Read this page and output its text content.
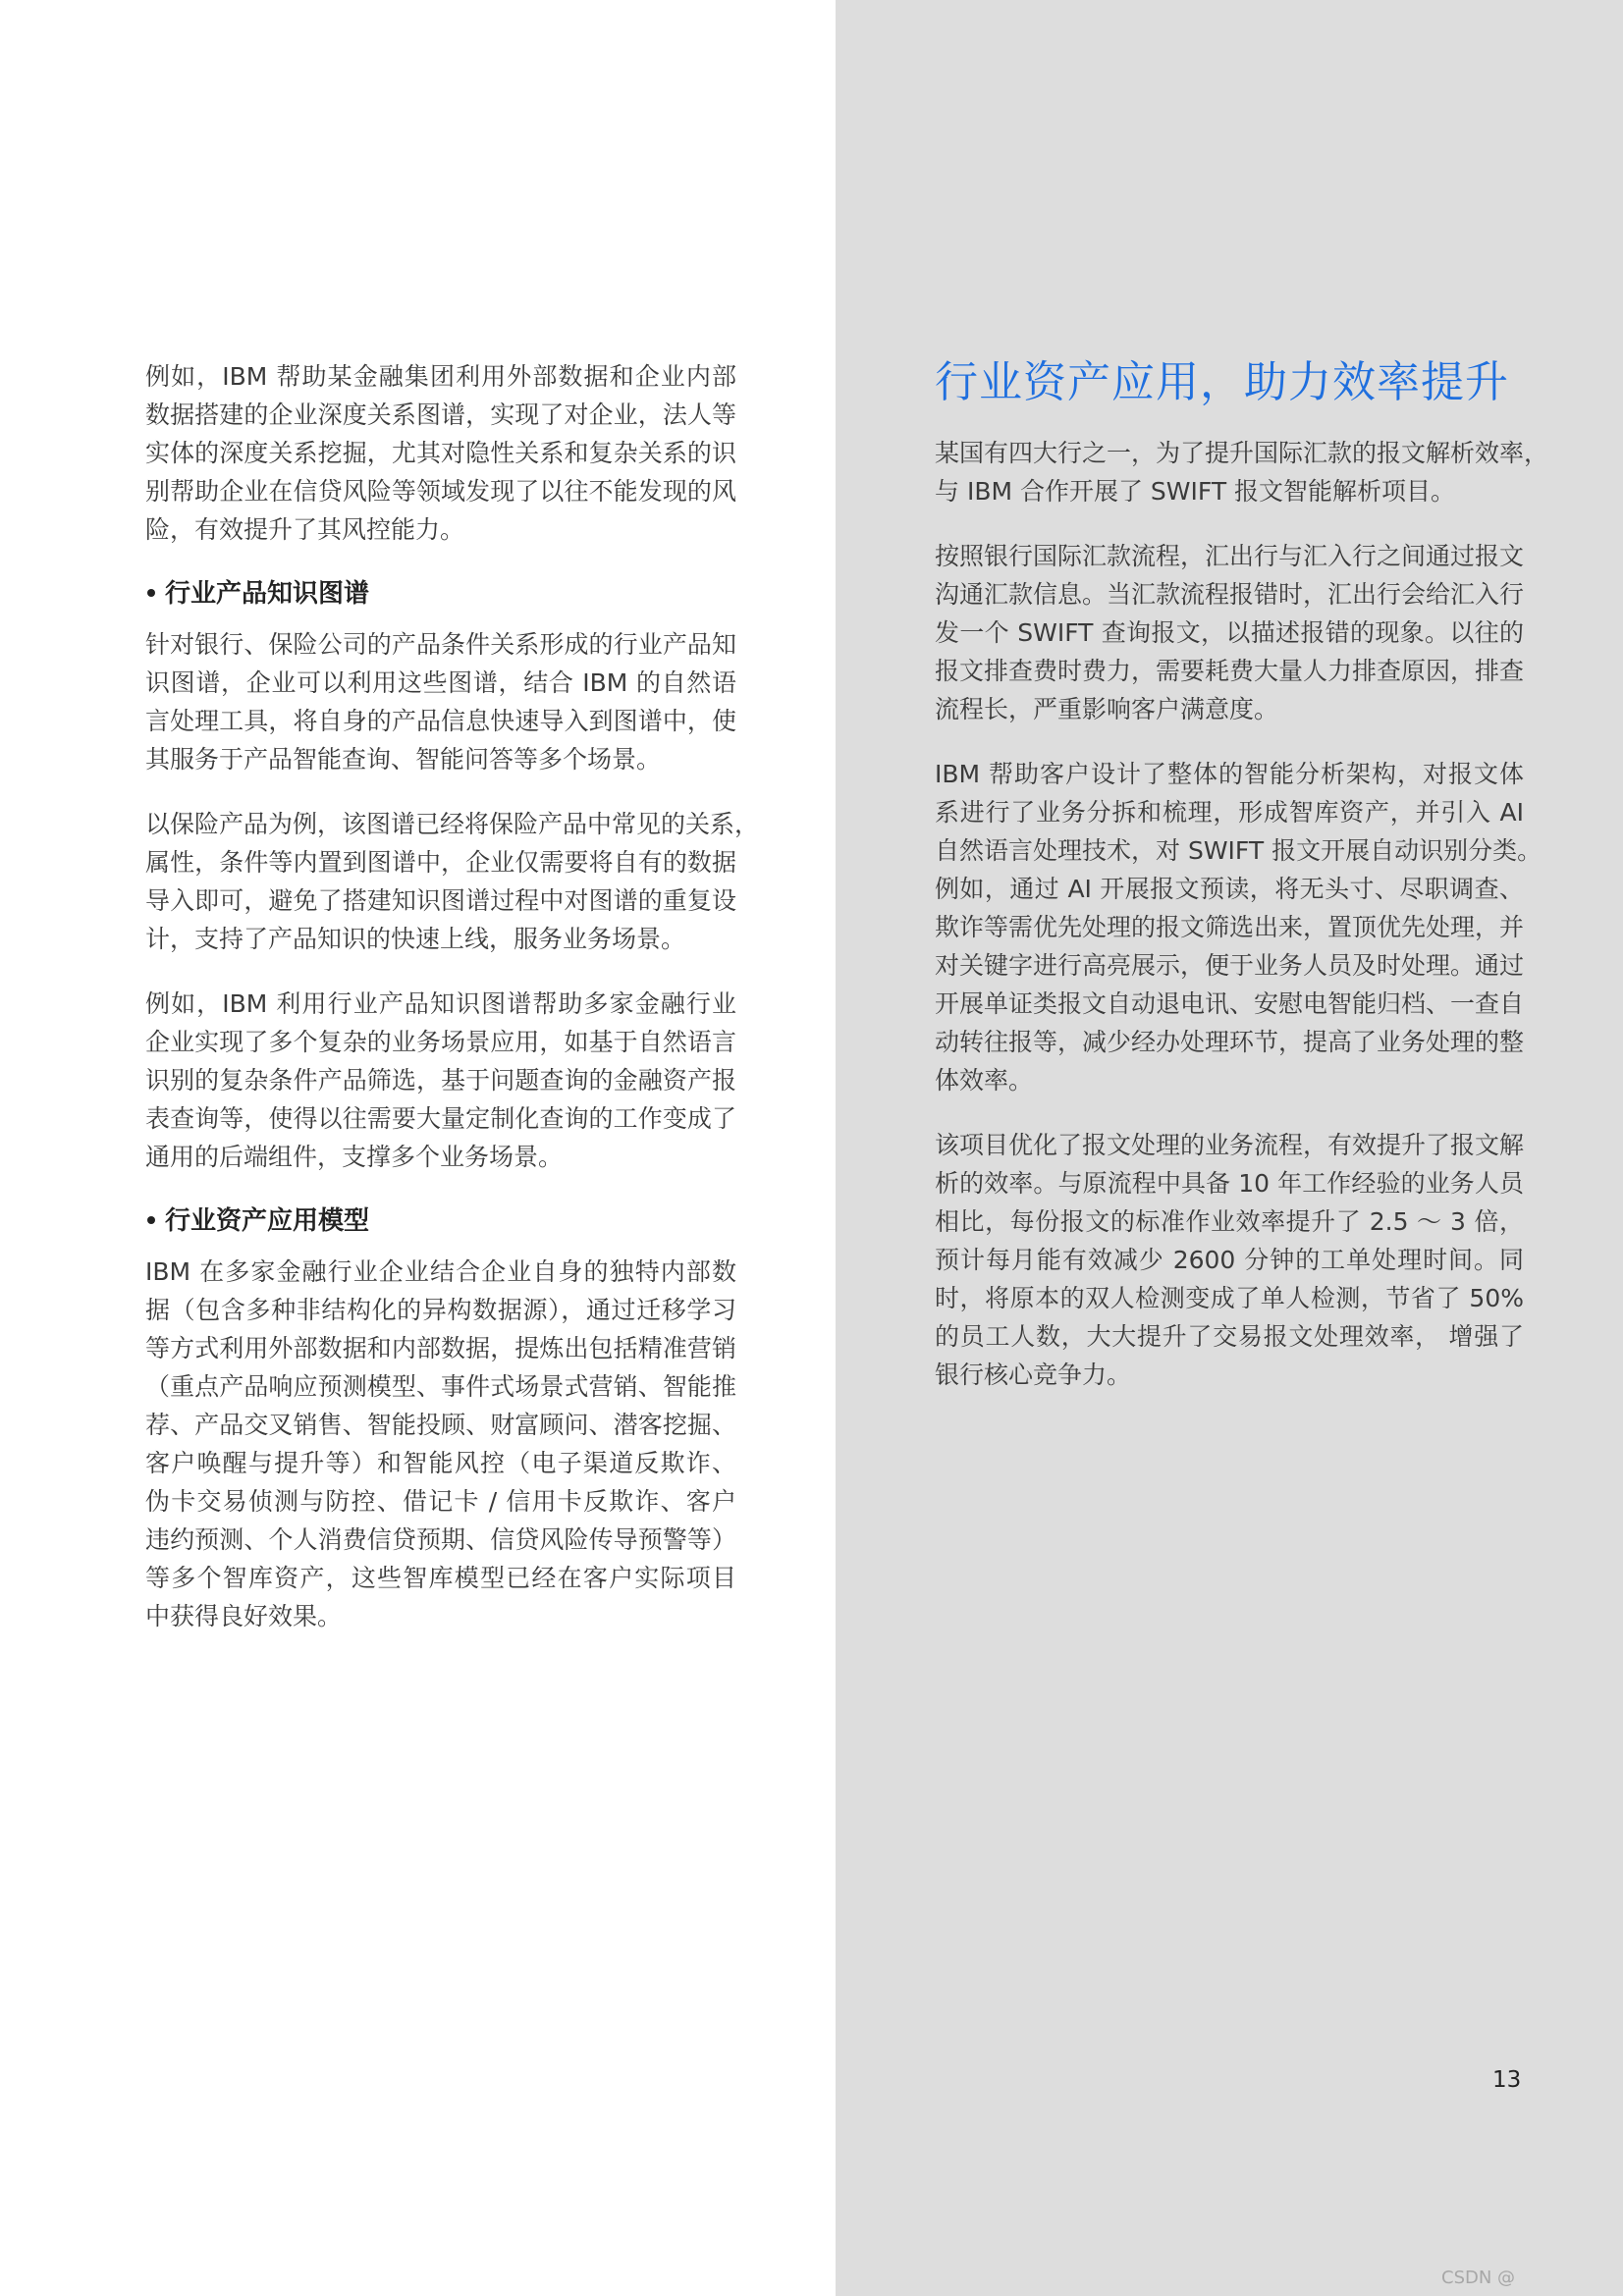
例如，IBM 帮助某金融集团利用外部数据和企业内部
数据搭建的企业深度关系图谱，实现了对企业，法人等
实体的深度关系挖掘，尤其对隐性关系和复杂关系的识
别帮助企业在信贷风险等领域发现了以往不能发现的风
险，有效提升了其风控能力。
行业产品知识图谱
针对银行、保险公司的产品条件关系形成的行业产品知
识图谱，企业可以利用这些图谱，结合 IBM 的自然语
言处理工具，将自身的产品信息快速导入到图谱中，使
其服务于产品智能查询、智能问答等多个场景。
以保险产品为例，该图谱已经将保险产品中常见的关系，
属性，条件等内置到图谱中，企业仅需要将自有的数据
导入即可，避免了搭建知识图谱过程中对图谱的重复设
计，支持了产品知识的快速上线，服务业务场景。
例如，IBM 利用行业产品知识图谱帮助多家金融行业
企业实现了多个复杂的业务场景应用，如基于自然语言
识别的复杂条件产品筛选，基于问题查询的金融资产报
表查询等，使得以往需要大量定制化查询的工作变成了
通用的后端组件，支撑多个业务场景。
行业资产应用模型
IBM 在多家金融行业企业结合企业自身的独特内部数
据（包含多种非结构化的异构数据源），通过迁移学习
等方式利用外部数据和内部数据，提炼出包括精准营销
（重点产品响应预测模型、事件式场景式营销、智能推
荐、产品交叉销售、智能投顾、财富顾问、潜客挖掘、
客户唤醒与提升等）和智能风控（电子渠道反欺诈、
伪卡交易侦测与防控、借记卡 / 信用卡反欺诈、客户
违约预测、个人消费信贷预期、信贷风险传导预警等）
等多个智库资产，这些智库模型已经在客户实际项目
中获得良好效果。
行业资产应用，助力效率提升
某国有四大行之一，为了提升国际汇款的报文解析效率，
与 IBM 合作开展了 SWIFT 报文智能解析项目。
按照银行国际汇款流程，汇出行与汇入行之间通过报文
沟通汇款信息。当汇款流程报错时，汇出行会给汇入行
发一个 SWIFT 查询报文，以描述报错的现象。以往的
报文排查费时费力，需要耗费大量人力排查原因，排查
流程长，严重影响客户满意度。
IBM 帮助客户设计了整体的智能分析架构，对报文体
系进行了业务分拆和梳理，形成智库资产，并引入 AI
自然语言处理技术，对 SWIFT 报文开展自动识别分类。
例如，通过 AI 开展报文预读，将无头寸、尽职调查、
欺诈等需优先处理的报文筛选出来，置顶优先处理，并
对关键字进行高亮展示，便于业务人员及时处理。通过
开展单证类报文自动退电讯、安慰电智能归档、一查自
动转往报等，减少经办处理环节，提高了业务处理的整
体效率。
该项目优化了报文处理的业务流程，有效提升了报文解
析的效率。与原流程中具备 10 年工作经验的业务人员
相比，每份报文的标准作业效率提升了 2.5 ～ 3 倍，
预计每月能有效减少 2600 分钟的工单处理时间。同
时，将原本的双人检测变成了单人检测，节省了 50%
的员工人数，大大提升了交易报文处理效率， 增强了
银行核心竞争力。
13
CSDN @
